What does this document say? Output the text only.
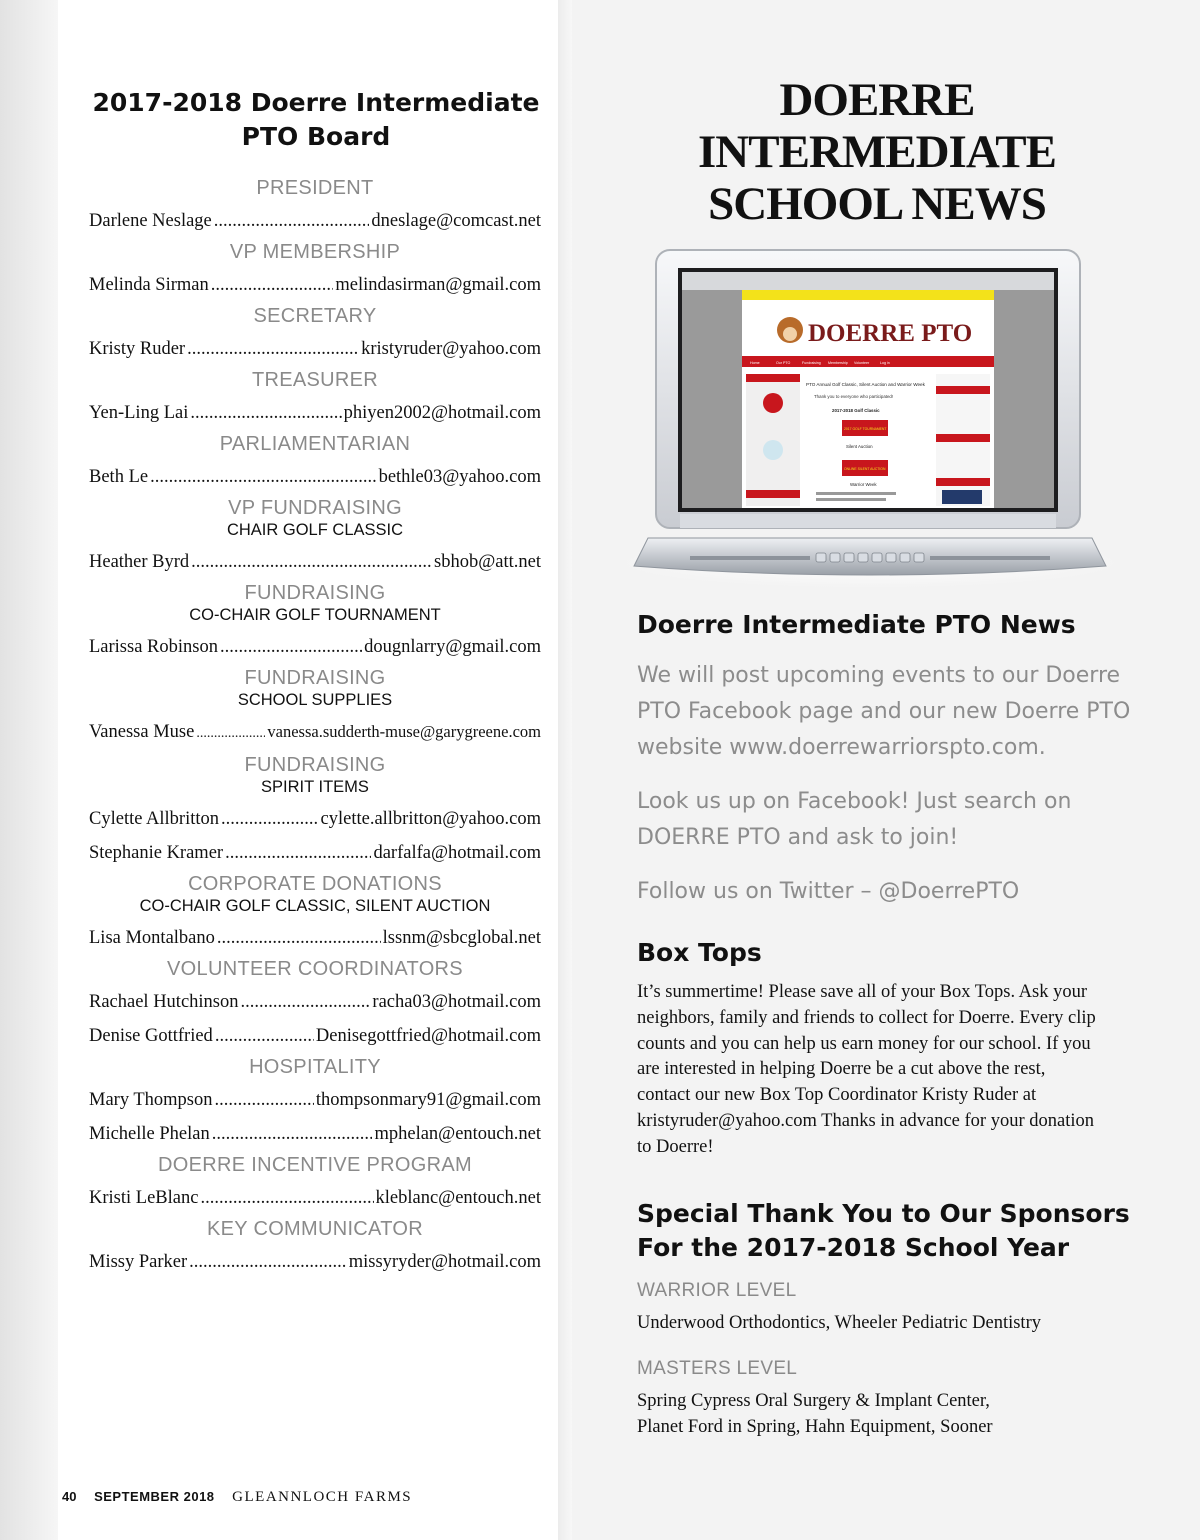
2017-2018 Doerre Intermediate
PTO Board
PRESIDENT
Darlene Neslage .....	dneslage@comcast.net
VP MEMBERSHIP
Melinda Sirman .....	melindasirman@gmail.com
SECRETARY
Kristy Ruder .....	kristyruder@yahoo.com
TREASURER
Yen-Ling Lai .....	phiyen2002@hotmail.com
PARLIAMENTARIAN
Beth Le .....	bethle03@yahoo.com
VP FUNDRAISING
CHAIR GOLF CLASSIC
Heather Byrd .....	sbhob@att.net
FUNDRAISING
CO-CHAIR GOLF TOURNAMENT
Larissa Robinson .....	dougnlarry@gmail.com
FUNDRAISING
SCHOOL SUPPLIES
Vanessa Muse .....	vanessa.sudderth-muse@garygreene.com
FUNDRAISING
SPIRIT ITEMS
Cylette Allbritton .....	cylette.allbritton@yahoo.com
Stephanie Kramer .....	darfalfa@hotmail.com
CORPORATE DONATIONS
CO-CHAIR GOLF CLASSIC, SILENT AUCTION
Lisa Montalbano .....	lssnm@sbcglobal.net
VOLUNTEER COORDINATORS
Rachael Hutchinson .....	racha03@hotmail.com
Denise Gottfried .....	Denisegottfried@hotmail.com
HOSPITALITY
Mary Thompson .....	thompsonmary91@gmail.com
Michelle Phelan .....	mphelan@entouch.net
DOERRE INCENTIVE PROGRAM
Kristi LeBlanc .....	kleblanc@entouch.net
KEY COMMUNICATOR
Missy Parker .....	missyryder@hotmail.com
40 SEPTEMBER 2018 GLEANNLOCH FARMS
DOERRE
INTERMEDIATE
SCHOOL NEWS
DOERRE PTO
Home	Our PTO	Fundraising Membership Volunteer	Log in
PTO Annual Golf Classic, Silent Auction and Warrior Week
Thank you to everyone who participated!
2017-2018 Golf Classic
2017 GOLF TOURNAMENT
Silent Auction
ONLINE SILENT AUCTION
Warrior Week
Doerre Intermediate PTO News

We will post upcoming events to our Doerre PTO Facebook page and our new Doerre PTO website www.doerrewarriorspto.com.

Look us up on Facebook! Just search on DOERRE PTO and ask to join!

Follow us on Twitter – @DoerrePTO

Box Tops

It’s summertime! Please save all of your Box Tops. Ask your neighbors, family and friends to collect for Doerre. Every clip counts and you can help us earn money for our school. If you are interested in helping Doerre be a cut above the rest, contact our new Box Top Coordinator Kristy Ruder at kristyruder@yahoo.com Thanks in advance for your donation to Doerre!

Special Thank You to Our Sponsors
For the 2017-2018 School Year
WARRIOR LEVEL

Underwood Orthodontics, Wheeler Pediatric Dentistry

MASTERS LEVEL

Spring Cypress Oral Surgery & Implant Center, Planet Ford in Spring, Hahn Equipment, Sooner
